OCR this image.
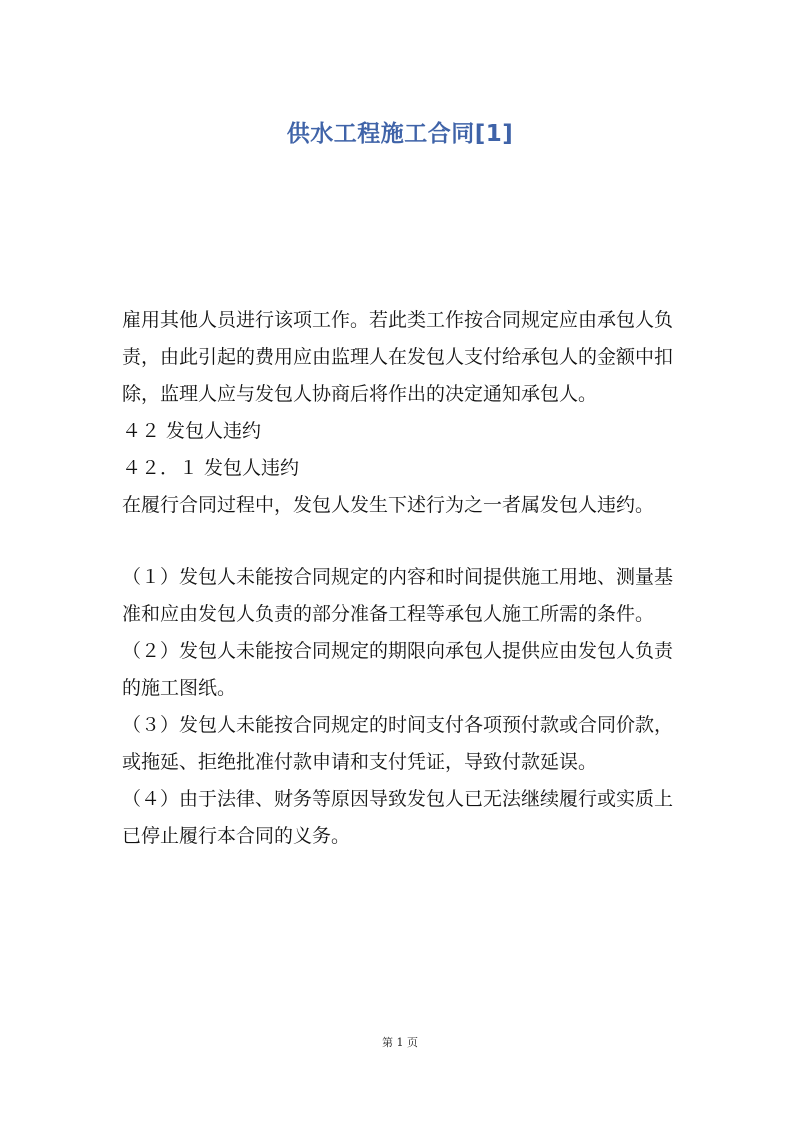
供水工程施工合同[1]

雇用其他人员进行该项工作。若此类工作按合同规定应由承包人负责，由此引起的费用应由监理人在发包人支付给承包人的金额中扣除，监理人应与发包人协商后将作出的决定通知承包人。

４２ 发包人违约

４２．１ 发包人违约

在履行合同过程中，发包人发生下述行为之一者属发包人违约。

（１）发包人未能按合同规定的内容和时间提供施工用地、测量基准和应由发包人负责的部分准备工程等承包人施工所需的条件。

（２）发包人未能按合同规定的期限向承包人提供应由发包人负责的施工图纸。

（３）发包人未能按合同规定的时间支付各项预付款或合同价款，或拖延、拒绝批准付款申请和支付凭证，导致付款延误。

（４）由于法律、财务等原因导致发包人已无法继续履行或实质上已停止履行本合同的义务。

第 1 页
